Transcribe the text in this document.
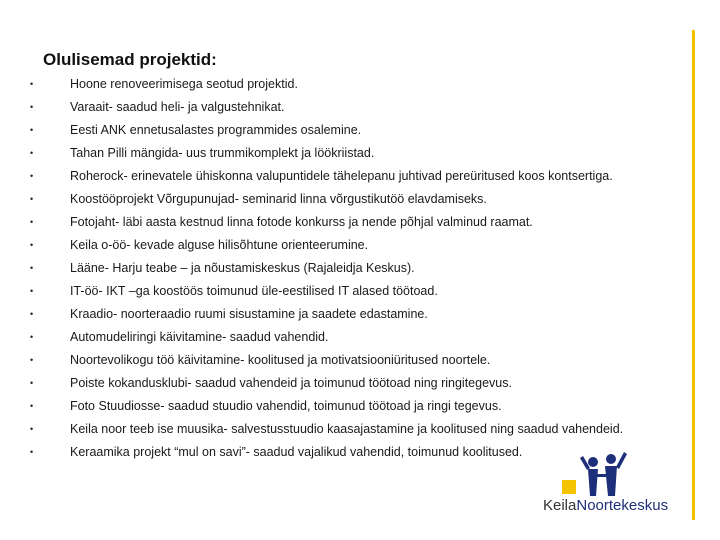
Olulisemad projektid:
•	Hoone renoveerimisega seotud projektid.
•	Varaait- saadud heli- ja valgustehnikat.
•	Eesti ANK ennetusalastes programmides osalemine.
•	Tahan Pilli mängida- uus trummikomplekt ja löökriistad.
•	Roherock- erinevatele ühiskonna valupuntidele tähelepanu juhtivad pereüritused koos kontsertiga.
•	Koostööprojekt Võrgupunujad- seminarid linna võrgustikutöö elavdamiseks.
•	Fotojaht- läbi aasta kestnud linna fotode konkurss ja nende põhjal valminud raamat.
•	Keila o-öö- kevade alguse hilisõhtune orienteerumine.
•	Lääne- Harju teabe – ja nõustamiskeskus (Rajaleidja Keskus).
•	IT-öö- IKT –ga koostöös toimunud üle-eestilised IT alased töötoad.
•	Kraadio- noorteraadio ruumi sisustamine ja saadete edastamine.
•	Automudeliringi käivitamine- saadud vahendid.
•	Noortevolikogu töö käivitamine- koolitused ja motivatsiooniüritused noortele.
•	Poiste kokandusklubi- saadud vahendeid ja toimunud töötoad ning ringitegevus.
•	Foto Stuudiosse- saadud stuudio vahendid, toimunud töötoad ja ringi tegevus.
•	Keila noor teeb ise muusika- salvestusstuudio kaasajastamine ja koolitused ning saadud vahendeid.
•	Keraamika projekt “mul on savi”- saadud vajalikud vahendid, toimunud koolitused.
KeilaNoortekeskus
